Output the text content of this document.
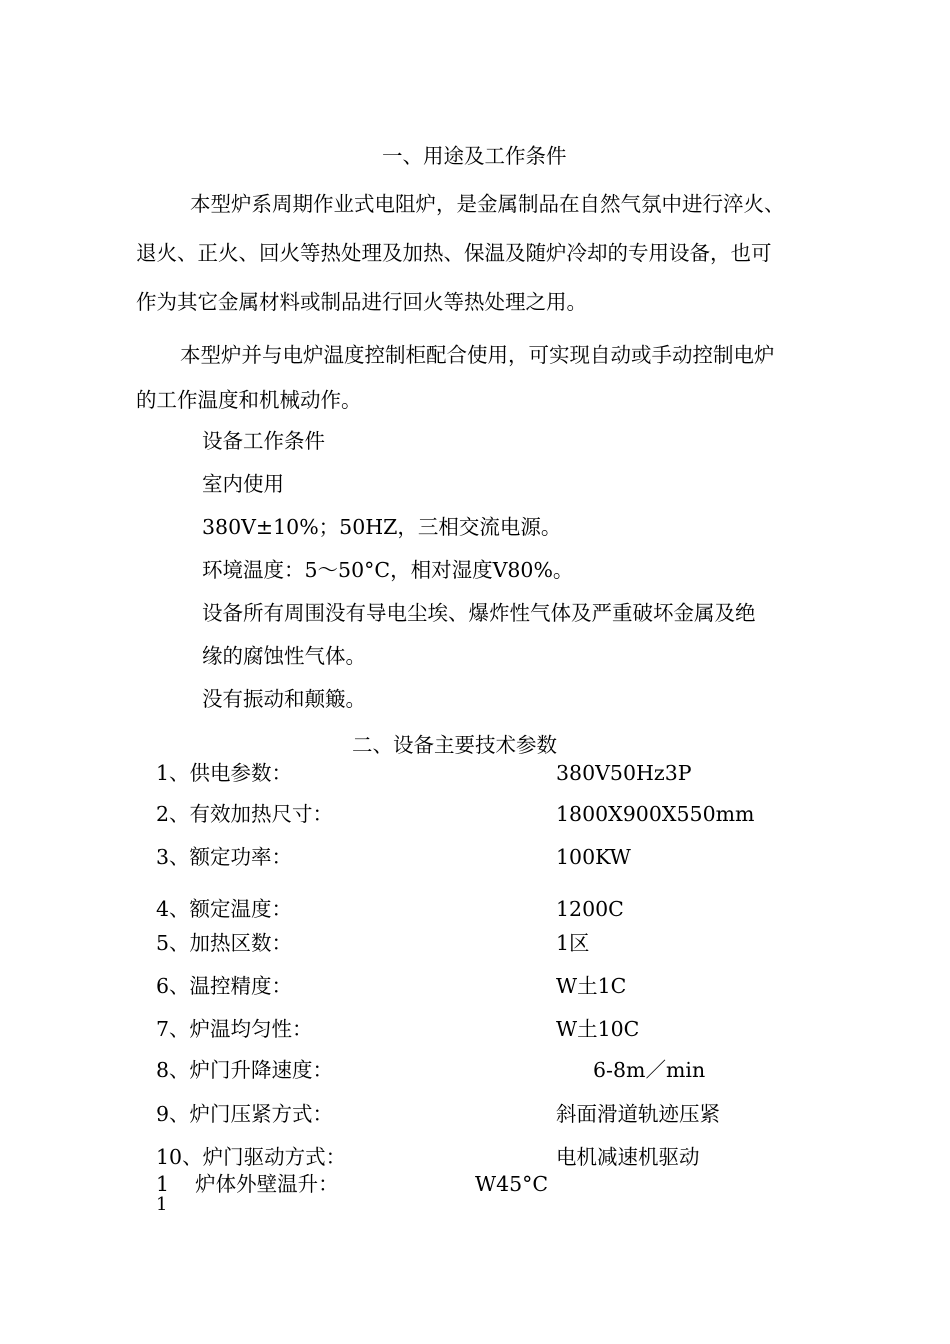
一、用途及工作条件
本型炉系周期作业式电阻炉，是金属制品在自然气氛中进行淬火、
退火、正火、回火等热处理及加热、保温及随炉冷却的专用设备，也可
作为其它金属材料或制品进行回火等热处理之用。
本型炉并与电炉温度控制柜配合使用，可实现自动或手动控制电炉
的工作温度和机械动作。
设备工作条件
室内使用
380V±10%；50HZ，三相交流电源。
环境温度：5〜50°C，相对湿度V80%。
设备所有周围没有导电尘埃、爆炸性气体及严重破坏金属及绝
缘的腐蚀性气体。
没有振动和颠簸。
二、设备主要技术参数
1、供电参数：	380V50Hz3P
2、有效加热尺寸：	1800X900X550mm
3、额定功率：	100KW
4、额定温度：	1200C
5、加热区数：	1区
6、温控精度：	W土1C
7、炉温均匀性：	W土10C
8、炉门升降速度：	6-8m／min
9、炉门压紧方式：	斜面滑道轨迹压紧
10、炉门驱动方式：	电机减速机驱动
1    炉体外壁温升：	W45°C
1
